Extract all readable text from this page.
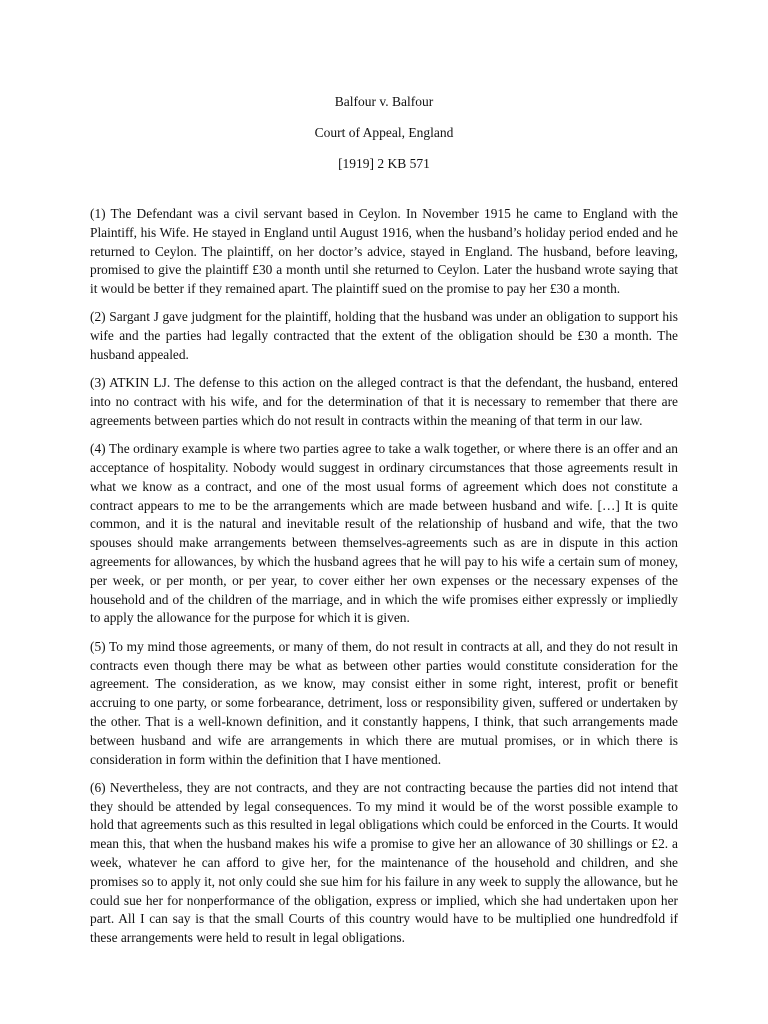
Balfour v. Balfour
Court of Appeal, England
[1919] 2 KB 571

(1) The Defendant was a civil servant based in Ceylon. In November 1915 he came to England with the Plaintiff, his Wife. He stayed in England until August 1916, when the husband’s holiday period ended and he returned to Ceylon. The plaintiff, on her doctor’s advice, stayed in England. The husband, before leaving, promised to give the plaintiff £30 a month until she returned to Ceylon. Later the husband wrote saying that it would be better if they remained apart. The plaintiff sued on the promise to pay her £30 a month.

(2) Sargant J gave judgment for the plaintiff, holding that the husband was under an obligation to support his wife and the parties had legally contracted that the extent of the obligation should be £30 a month. The husband appealed.

(3) ATKIN LJ. The defense to this action on the alleged contract is that the defendant, the husband, entered into no contract with his wife, and for the determination of that it is necessary to remember that there are agreements between parties which do not result in contracts within the meaning of that term in our law.

(4) The ordinary example is where two parties agree to take a walk together, or where there is an offer and an acceptance of hospitality. Nobody would suggest in ordinary circumstances that those agreements result in what we know as a contract, and one of the most usual forms of agreement which does not constitute a contract appears to me to be the arrangements which are made between husband and wife. […] It is quite common, and it is the natural and inevitable result of the relationship of husband and wife, that the two spouses should make arrangements between themselves-agreements such as are in dispute in this action agreements for allowances, by which the husband agrees that he will pay to his wife a certain sum of money, per week, or per month, or per year, to cover either her own expenses or the necessary expenses of the household and of the children of the marriage, and in which the wife promises either expressly or impliedly to apply the allowance for the purpose for which it is given.

(5) To my mind those agreements, or many of them, do not result in contracts at all, and they do not result in contracts even though there may be what as between other parties would constitute consideration for the agreement. The consideration, as we know, may consist either in some right, interest, profit or benefit accruing to one party, or some forbearance, detriment, loss or responsibility given, suffered or undertaken by the other. That is a well-known definition, and it constantly happens, I think, that such arrangements made between husband and wife are arrangements in which there are mutual promises, or in which there is consideration in form within the definition that I have mentioned.

(6) Nevertheless, they are not contracts, and they are not contracting because the parties did not intend that they should be attended by legal consequences. To my mind it would be of the worst possible example to hold that agreements such as this resulted in legal obligations which could be enforced in the Courts. It would mean this, that when the husband makes his wife a promise to give her an allowance of 30 shillings or £2. a week, whatever he can afford to give her, for the maintenance of the household and children, and she promises so to apply it, not only could she sue him for his failure in any week to supply the allowance, but he could sue her for nonperformance of the obligation, express or implied, which she had undertaken upon her part. All I can say is that the small Courts of this country would have to be multiplied one hundredfold if these arrangements were held to result in legal obligations.
